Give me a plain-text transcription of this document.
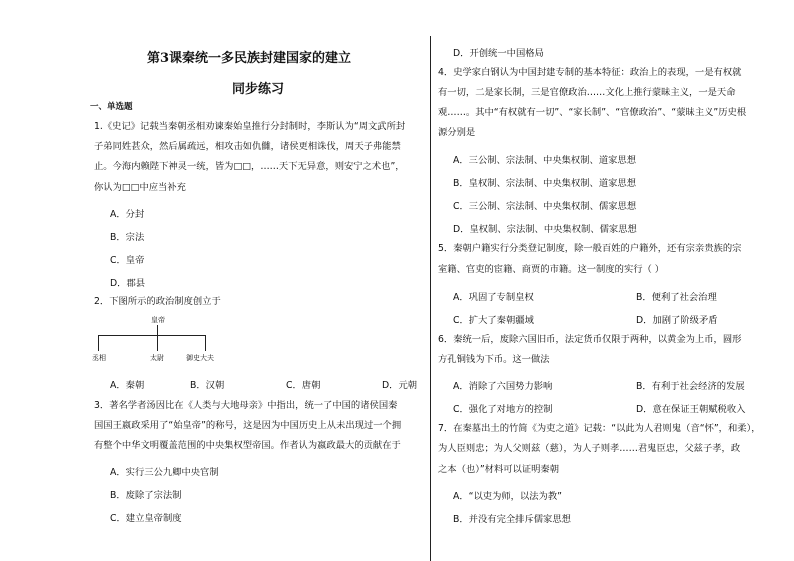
第3课秦统一多民族封建国家的建立
同步练习
一、单选题
1.《史记》记载当秦朝丞相劝谏秦始皇推行分封制时，李斯认为“周文武所封
子弟同姓甚众，然后属疏远，相攻击如仇雠，诸侯更相诛伐，周天子弗能禁
止。今海内赖陛下神灵一统，皆为□□，……天下无异意，则安宁之术也”，
你认为□□中应当补充
A．分封
B．宗法
C．皇帝
D．郡县
2．下图所示的政治制度创立于
皇帝
丞相	太尉	御史大夫
A．秦朝	B．汉朝	C．唐朝	D．元朝
3．著名学者汤因比在《人类与大地母亲》中指出，统一了中国的诸侯国秦
国国王嬴政采用了“始皇帝”的称号，这是因为中国历史上从未出现过一个拥
有整个中华文明覆盖范围的中央集权型帝国。作者认为嬴政最大的贡献在于
A．实行三公九卿中央官制
B．废除了宗法制
C．建立皇帝制度
D．开创统一中国格局
4．史学家白钢认为中国封建专制的基本特征：政治上的表现，一是有权就
有一切，二是家长制，三是官僚政治……文化上推行蒙昧主义，一是天命
观……。其中“有权就有一切”、“家长制”、“官僚政治”、“蒙昧主义”历史根
源分别是
A．三公制、宗法制、中央集权制、道家思想
B．皇权制、宗法制、中央集权制、道家思想
C．三公制、宗法制、中央集权制、儒家思想
D．皇权制、宗法制、中央集权制、儒家思想
5．秦朝户籍实行分类登记制度，除一般百姓的户籍外，还有宗亲贵族的宗
室籍、官吏的宦籍、商贾的市籍。这一制度的实行（ ）
A．巩固了专制皇权	B．便利了社会治理
C．扩大了秦朝疆域	D．加剧了阶级矛盾
6．秦统一后，废除六国旧币，法定货币仅限于两种，以黄金为上币，圆形
方孔铜钱为下币。这一做法
A．消除了六国势力影响	B．有利于社会经济的发展
C．强化了对地方的控制	D．意在保证王朝赋税收入
7．在秦墓出土的竹简《为吏之道》记载：“以此为人君则鬼（音“怀”，和柔），
为人臣则忠；为人父则兹（慈），为人子则孝……君鬼臣忠，父兹子孝，政
之本（也）”材料可以证明秦朝
A．“以吏为师，以法为教”
B．并没有完全排斥儒家思想
